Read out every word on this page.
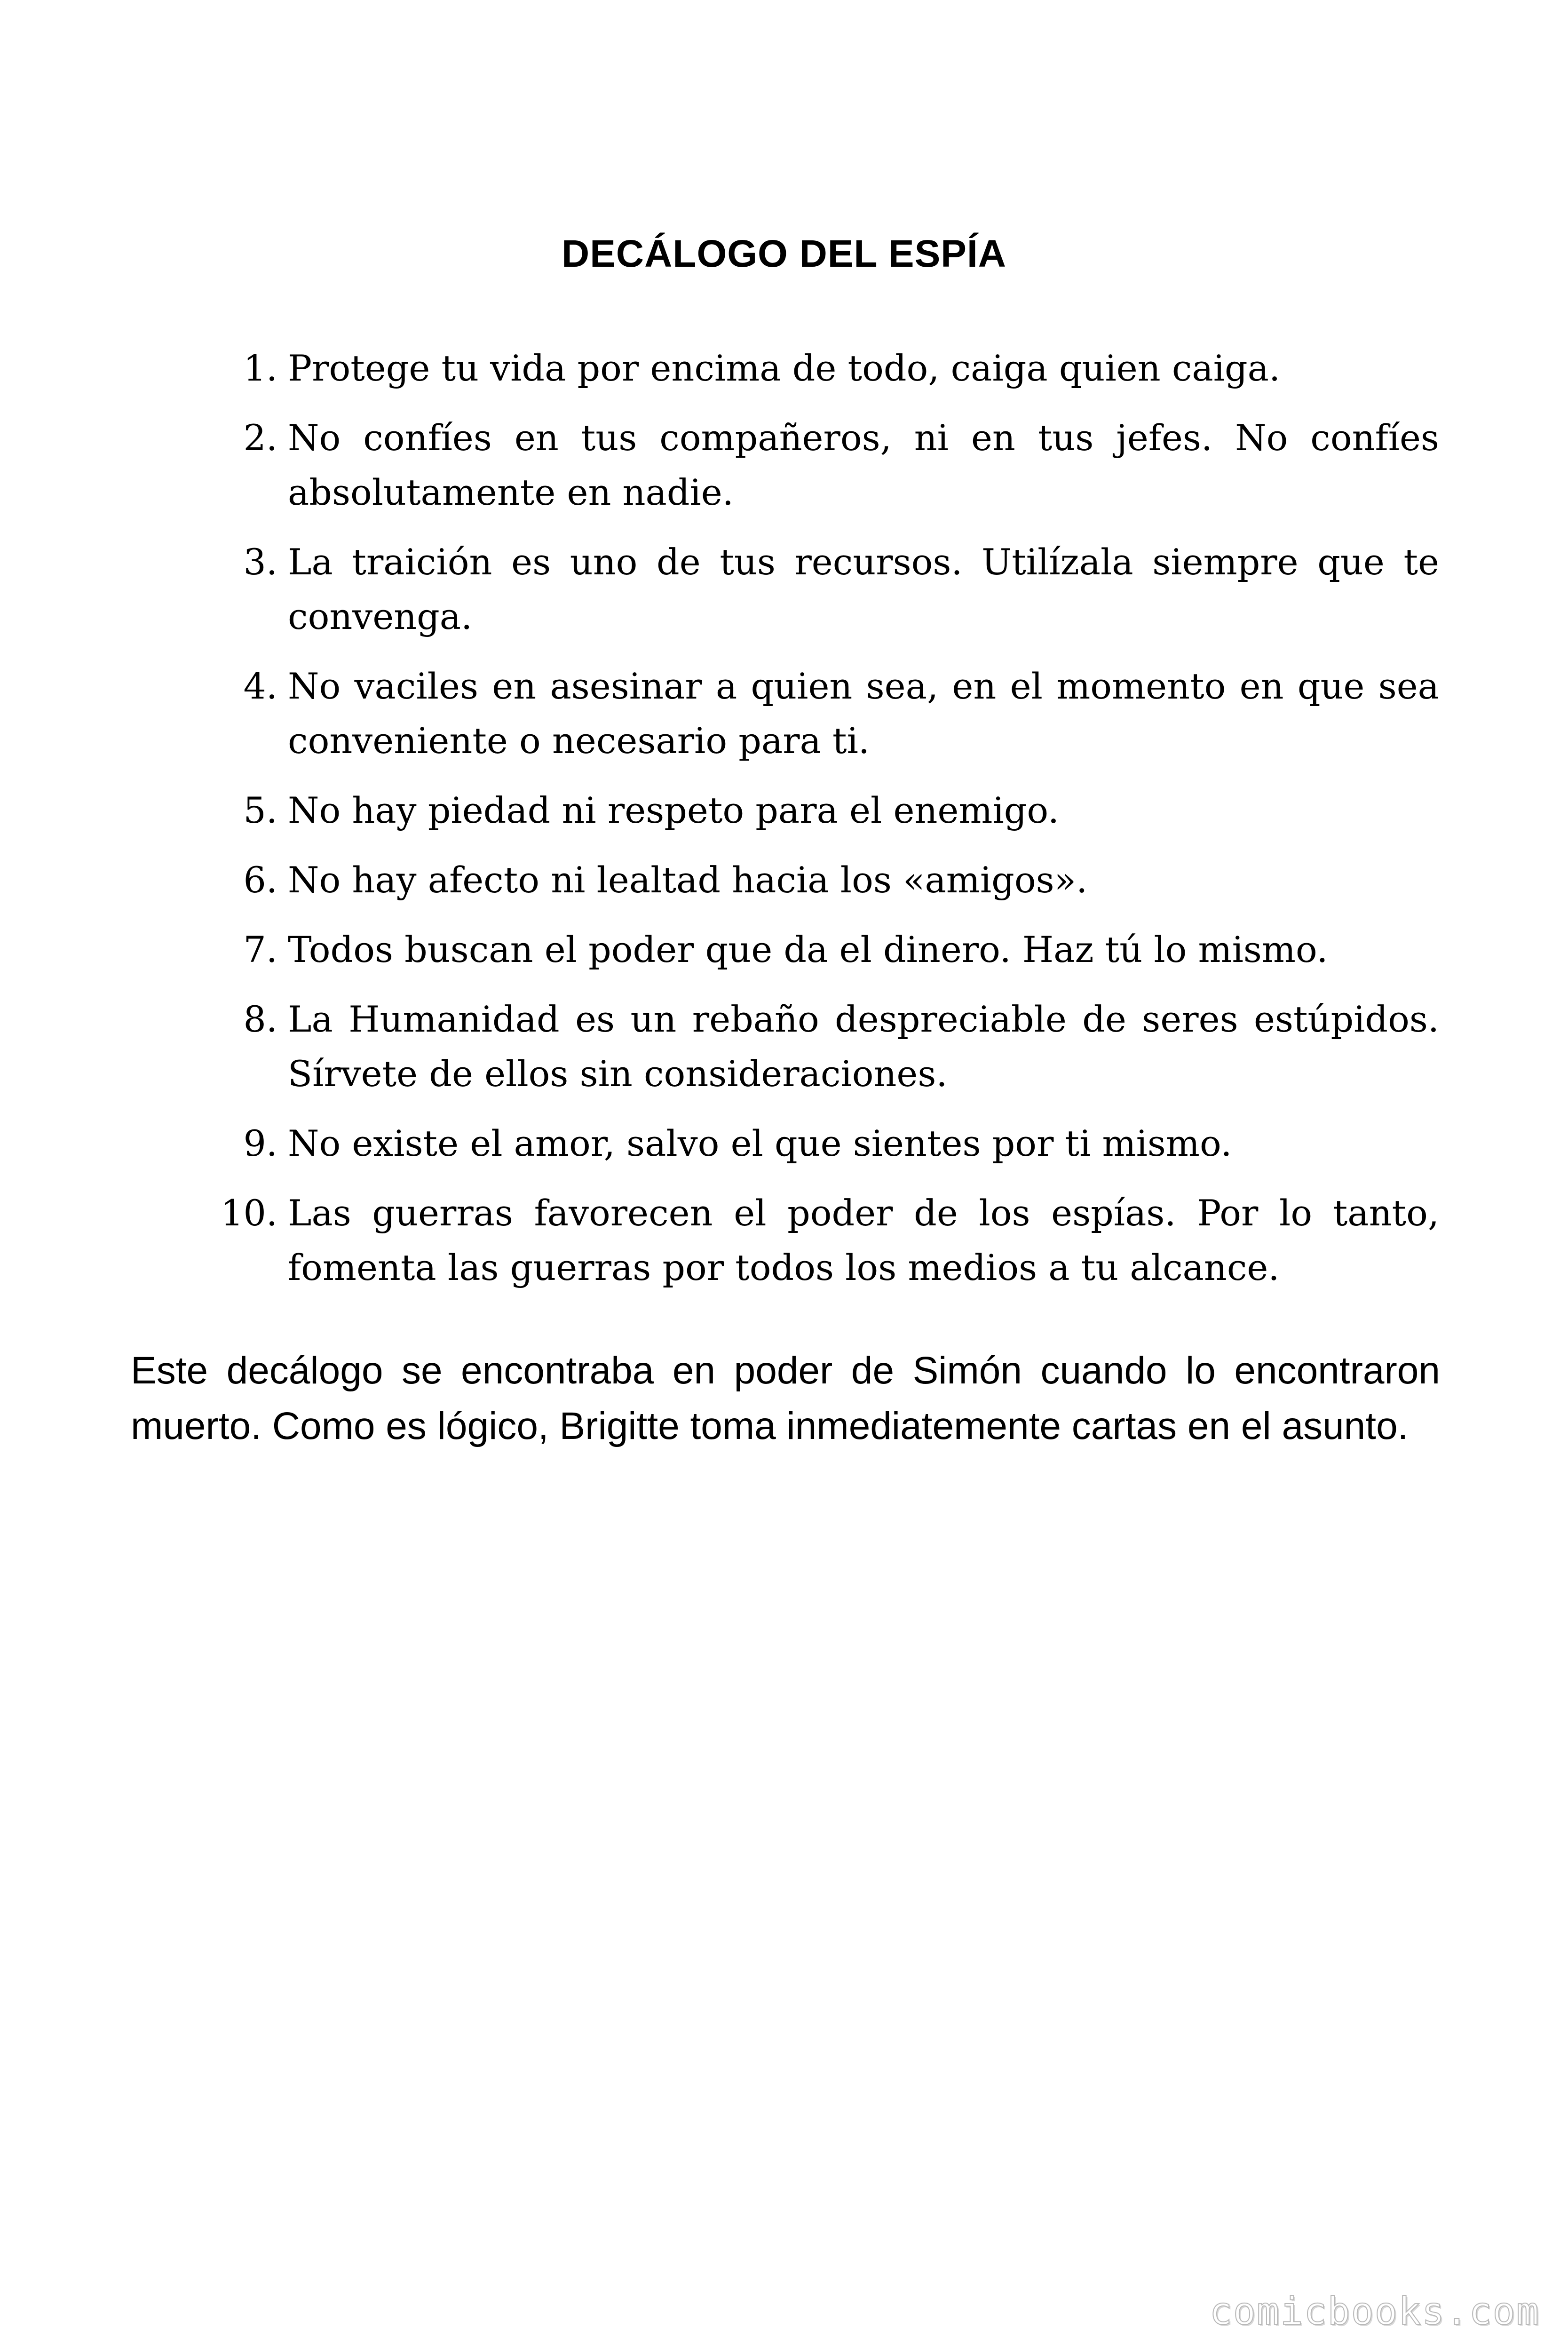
DECÁLOGO DEL ESPÍA
1. Protege tu vida por encima de todo, caiga quien caiga.
2. No confíes en tus compañeros, ni en tus jefes. No confíes absolutamente en nadie.
3. La traición es uno de tus recursos. Utilízala siempre que te convenga.
4. No vaciles en asesinar a quien sea, en el momento en que sea conveniente o necesario para ti.
5. No hay piedad ni respeto para el enemigo.
6. No hay afecto ni lealtad hacia los «amigos».
7. Todos buscan el poder que da el dinero. Haz tú lo mismo.
8. La Humanidad es un rebaño despreciable de seres estúpidos. Sírvete de ellos sin consideraciones.
9. No existe el amor, salvo el que sientes por ti mismo.
10. Las guerras favorecen el poder de los espías. Por lo tanto, fomenta las guerras por todos los medios a tu alcance.

Este decálogo se encontraba en poder de Simón cuando lo encontraron muerto. Como es lógico, Brigitte toma inmediatemente cartas en el asunto.

comicbooks.com
